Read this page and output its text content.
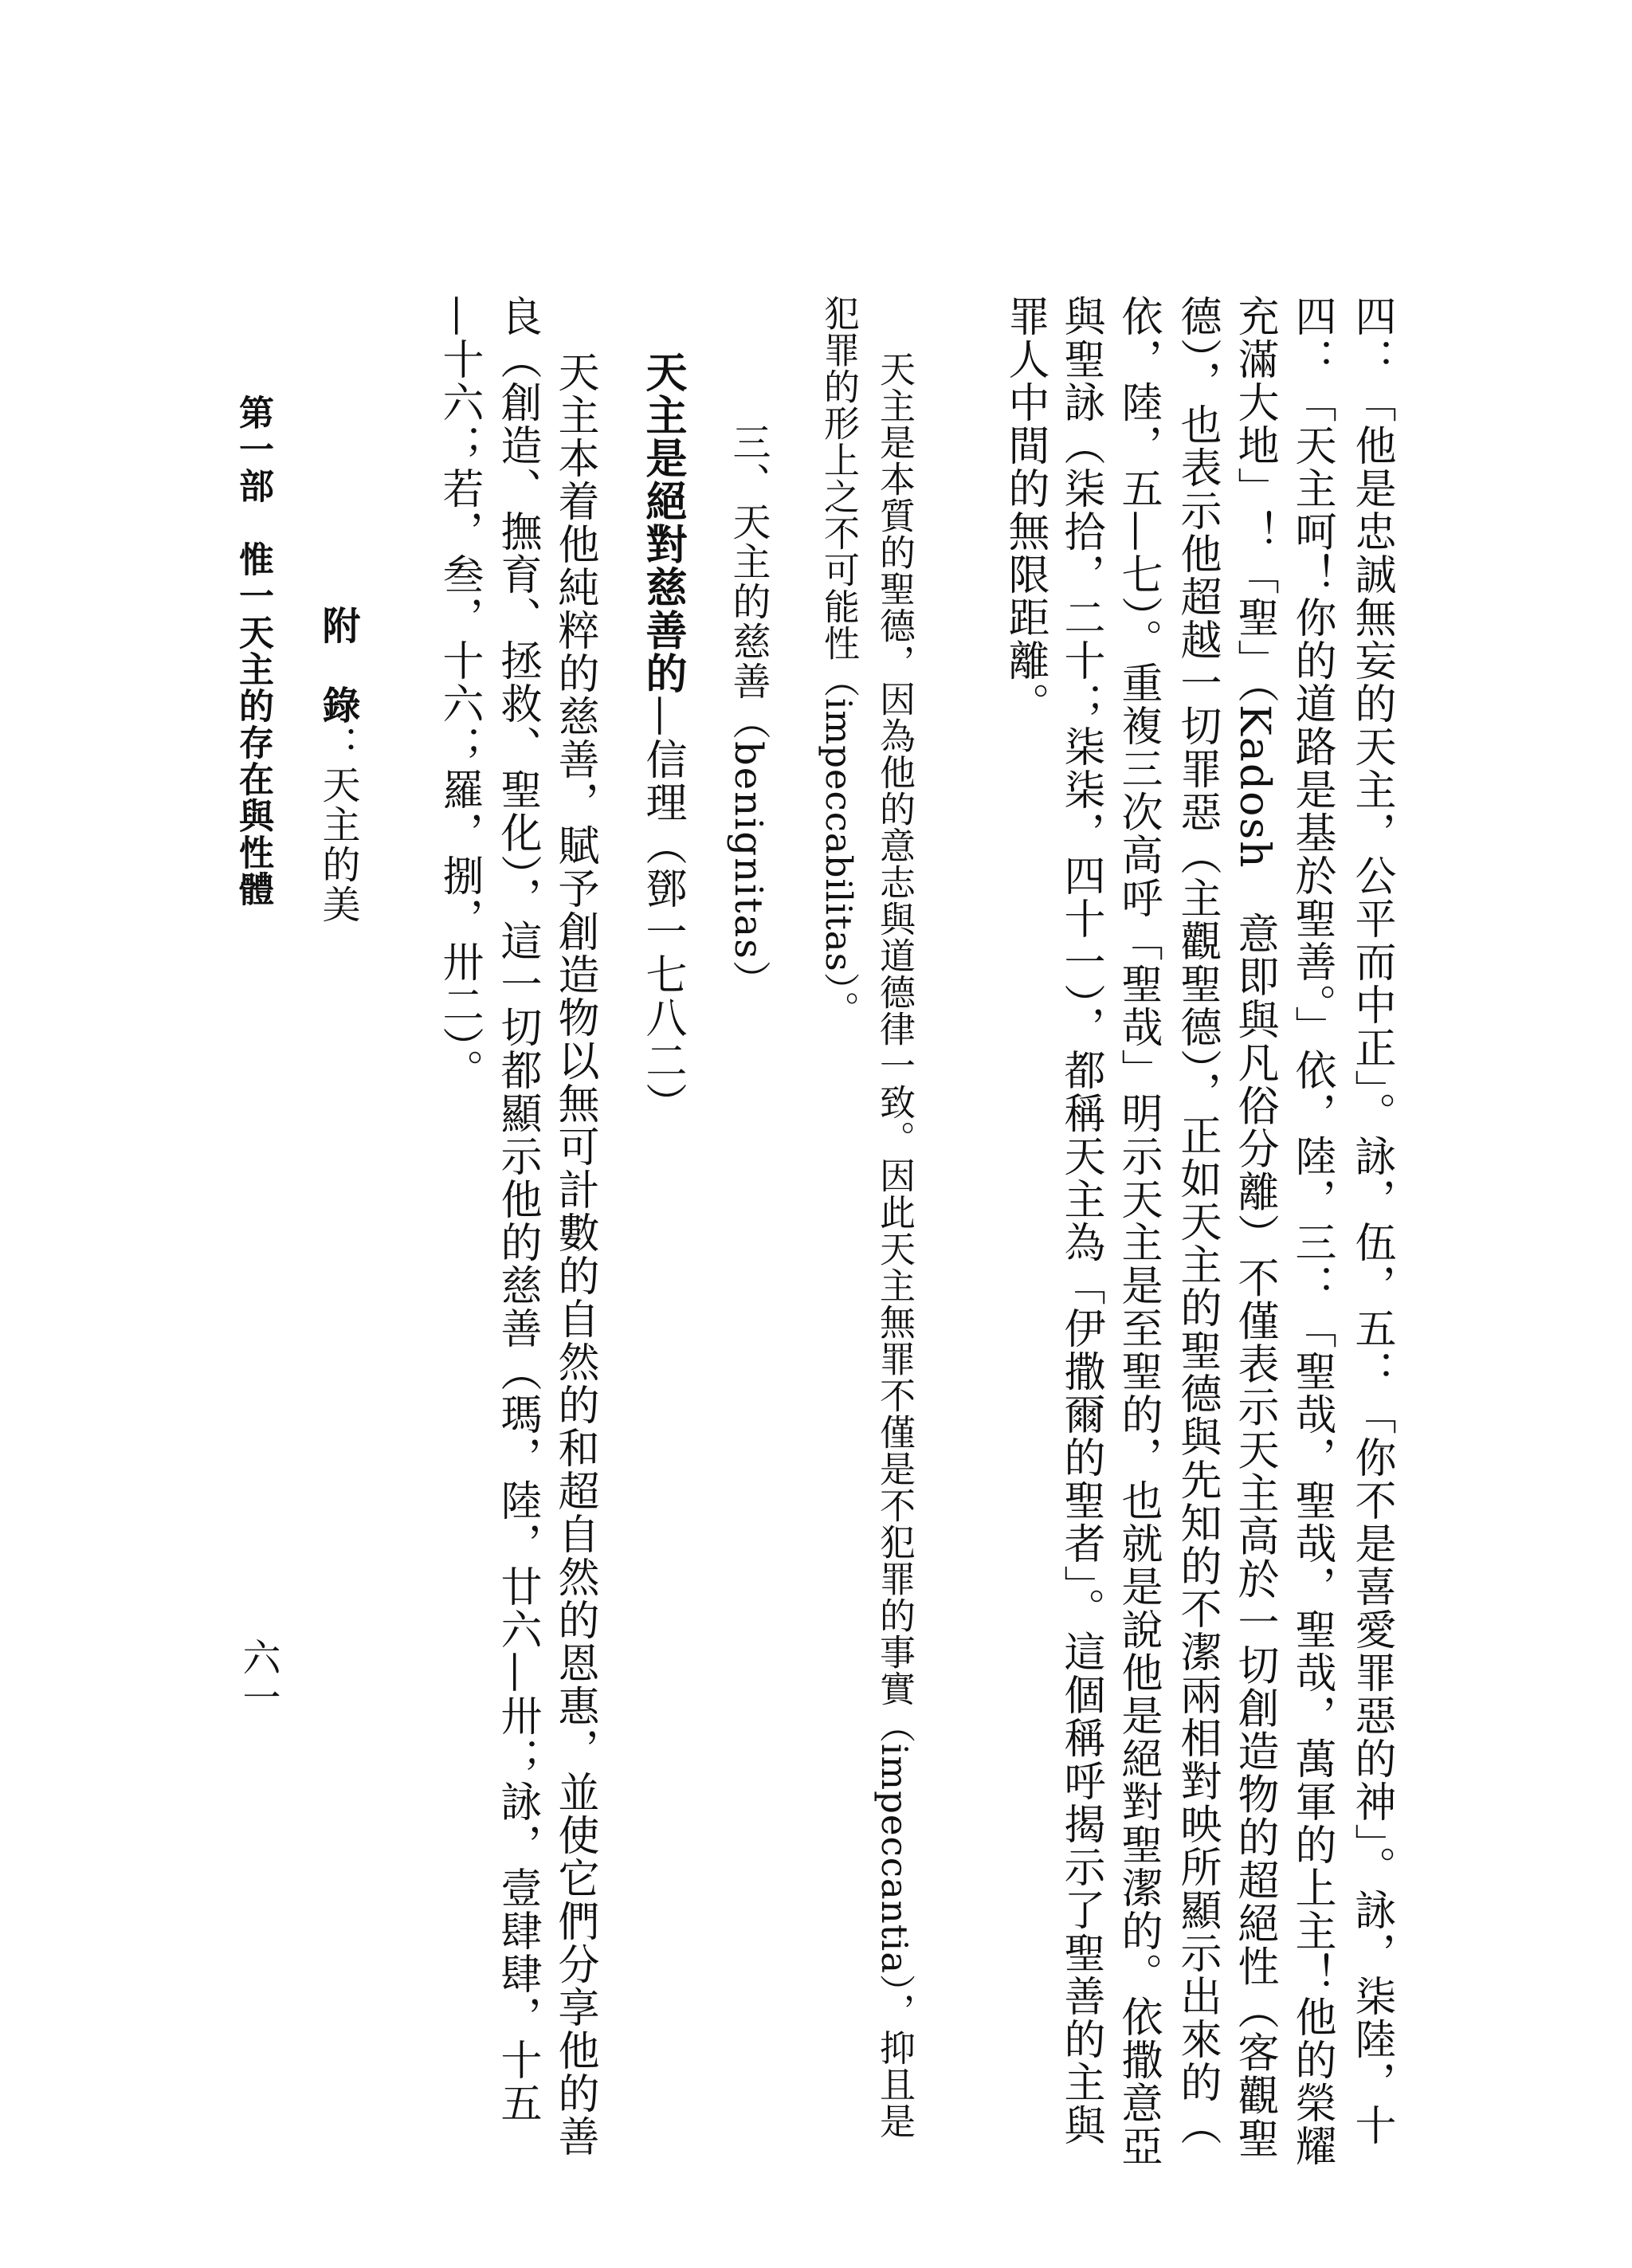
六一	四：「他是忠誠無妄的天主，公平而中正」。詠，伍，五：「你不是喜愛罪惡的神」。詠，柒陸，十
四：「天主呵！你的道路是基於聖善。」依，陸，三：「聖哉，聖哉，聖哉，萬軍的上主！他的榮耀
充滿大地」！「聖」（Kadosh　意即與凡俗分離）不僅表示天主高於一切創造物的超絕性（客觀聖
德），也表示他超越一切罪惡（主觀聖德），正如天主的聖德與先知的不潔兩相對映所顯示出來的（
依，陸，五—七）。重複三次高呼「聖哉」明示天主是至聖的，也就是說他是絕對聖潔的。依撒意亞
與聖詠（柒拾，二十；柒柒，四十一），都稱天主為「伊撒爾的聖者」。這個稱呼揭示了聖善的主與
罪人中間的無限距離。
天主是本質的聖德，因為他的意志與道德律一致。因此天主無罪不僅是不犯罪的事實（impeccantia），抑且是
犯罪的形上之不可能性（impeccabilitas）。
三、天主的慈善（benignitas）
天主是絕對慈善的—信理（鄧一七八二）
天主本着他純粹的慈善，賦予創造物以無可計數的自然的和超自然的恩惠，並使它們分享他的善
良（創造、撫育、拯救、聖化），這一切都顯示他的慈善（瑪，陸，廿六—卅；詠，壹肆肆，十五
—十六；若，叁，十六；羅，捌，卅二）。
附　錄：天主的美
第一部　惟一天主的存在與性體
